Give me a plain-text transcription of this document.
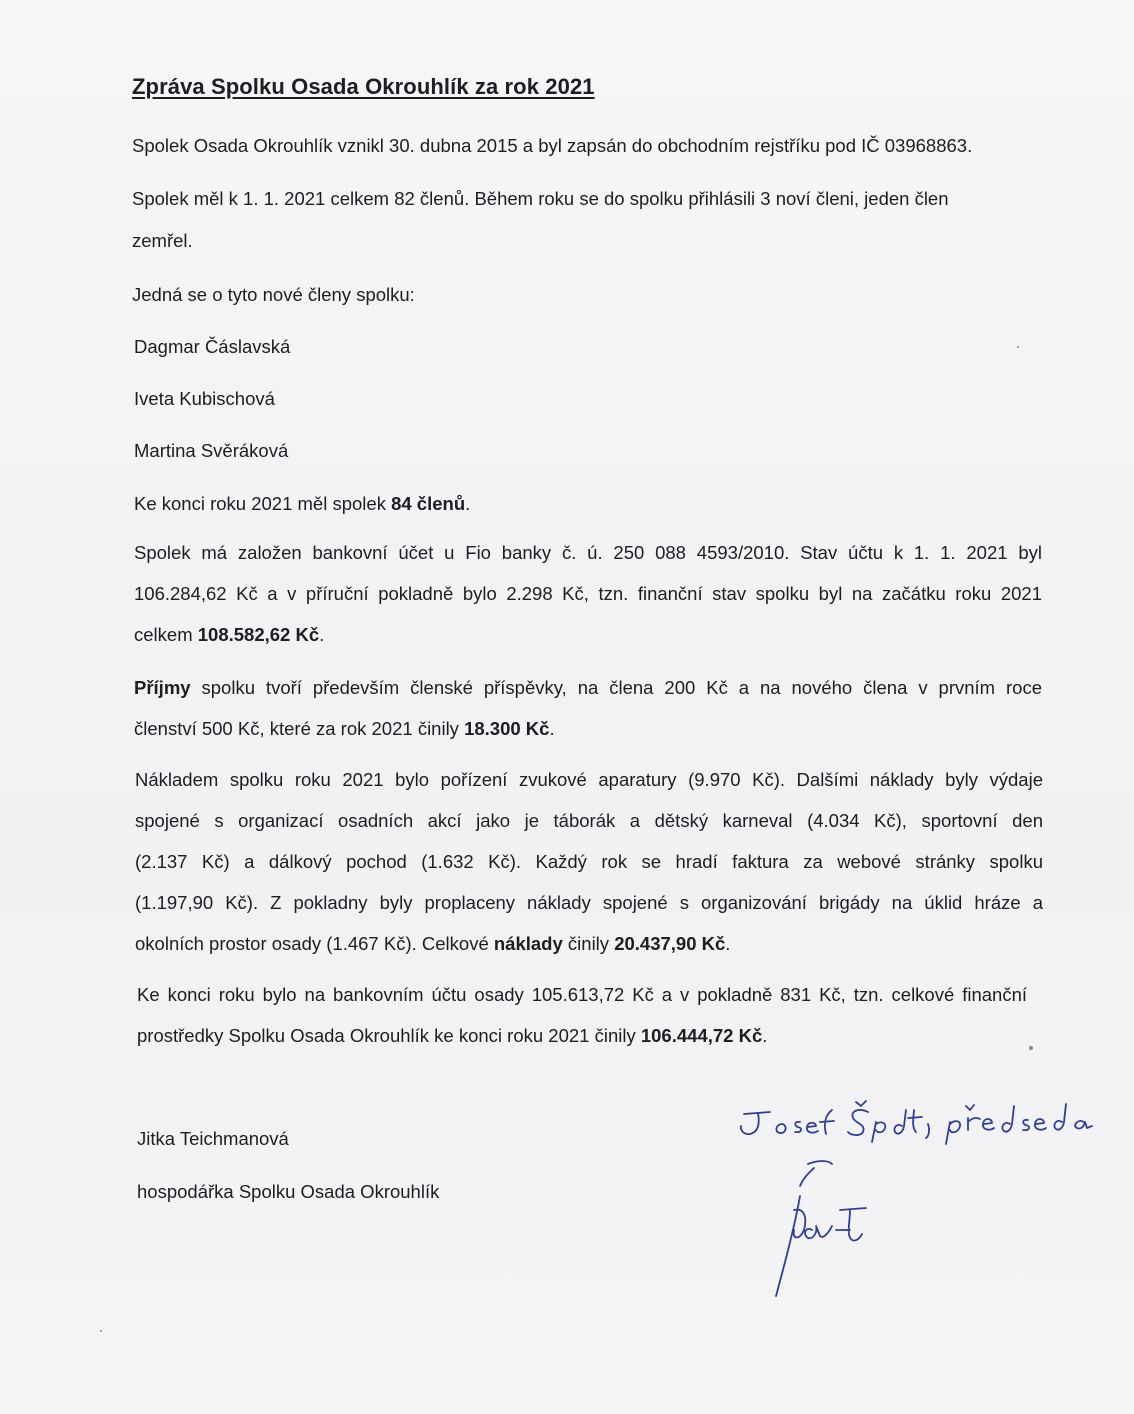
Zpráva Spolku Osada Okrouhlík za rok 2021
Spolek Osada Okrouhlík vznikl 30. dubna 2015 a byl zapsán do obchodním rejstříku pod IČ 03968863.
Spolek měl k 1. 1. 2021 celkem 82 členů. Během roku se do spolku přihlásili 3 noví členi, jeden člen
zemřel.
Jedná se o tyto nové členy spolku:
Dagmar Čáslavská
Iveta Kubischová
Martina Svěráková
Ke konci roku 2021 měl spolek 84 členů.
Spolek má založen bankovní účet u Fio banky č. ú. 250 088 4593/2010. Stav účtu k 1. 1. 2021 byl
106.284,62 Kč a v příruční pokladně bylo 2.298 Kč, tzn. finanční stav spolku byl na začátku roku 2021
celkem 108.582,62 Kč.
Příjmy spolku tvoří především členské příspěvky, na člena 200 Kč a na nového člena v prvním roce
členství 500 Kč, které za rok 2021 činily 18.300 Kč.
Nákladem spolku roku 2021 bylo pořízení zvukové aparatury (9.970 Kč). Dalšími náklady byly výdaje
spojené s organizací osadních akcí jako je táborák a dětský karneval (4.034 Kč), sportovní den
(2.137 Kč) a dálkový pochod (1.632 Kč). Každý rok se hradí faktura za webové stránky spolku
(1.197,90 Kč). Z pokladny byly proplaceny náklady spojené s organizování brigády na úklid hráze a
okolních prostor osady (1.467 Kč). Celkové náklady činily 20.437,90 Kč.
Ke konci roku bylo na bankovním účtu osady 105.613,72 Kč a v pokladně 831 Kč, tzn. celkové finanční
prostředky Spolku Osada Okrouhlík ke konci roku 2021 činily 106.444,72 Kč.
Jitka Teichmanová
hospodářka Spolku Osada Okrouhlík
